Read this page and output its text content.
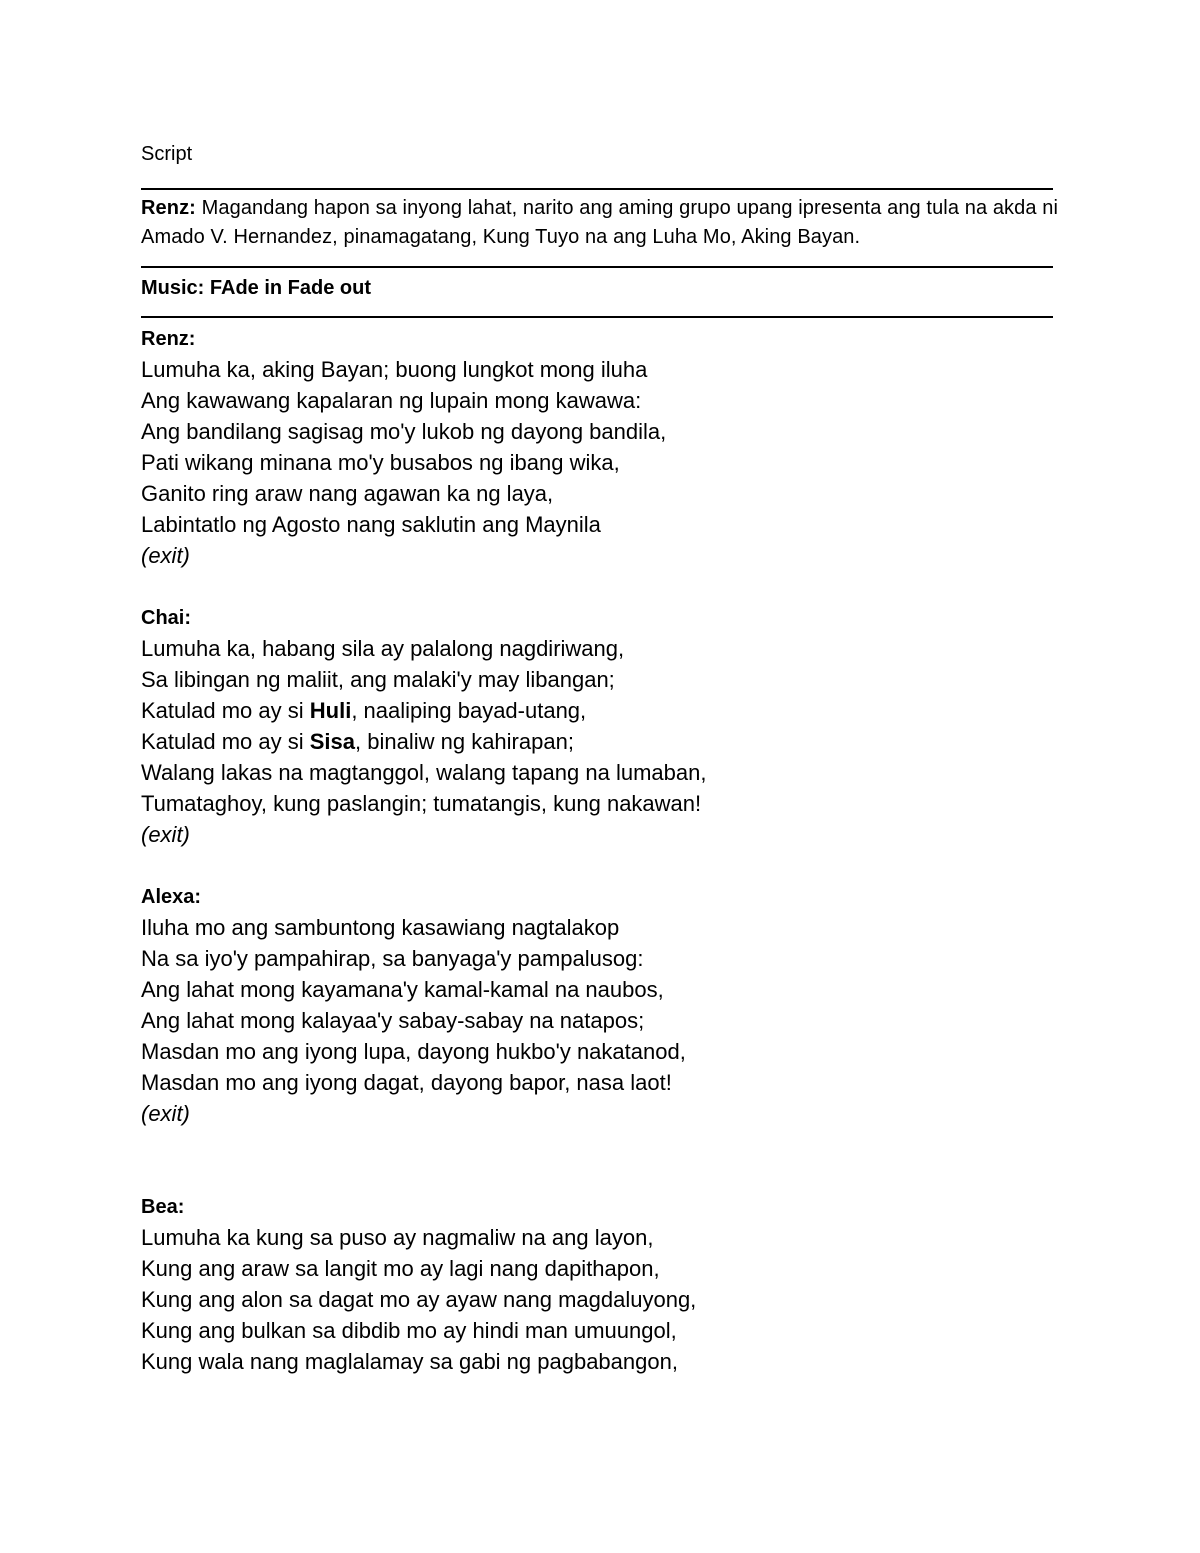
Script
Renz: Magandang hapon sa inyong lahat, narito ang aming grupo upang ipresenta ang tula na akda ni Amado V. Hernandez, pinamagatang, Kung Tuyo na ang Luha Mo, Aking Bayan.
Music: FAde in Fade out
Renz:
Lumuha ka, aking Bayan; buong lungkot mong iluha
Ang kawawang kapalaran ng lupain mong kawawa:
Ang bandilang sagisag mo'y lukob ng dayong bandila,
Pati wikang minana mo'y busabos ng ibang wika,
Ganito ring araw nang agawan ka ng laya,
Labintatlo ng Agosto nang saklutin ang Maynila
(exit)
Chai:
Lumuha ka, habang sila ay palalong nagdiriwang,
Sa libingan ng maliit, ang malaki'y may libangan;
Katulad mo ay si Huli, naaliping bayad-utang,
Katulad mo ay si Sisa, binaliw ng kahirapan;
Walang lakas na magtanggol, walang tapang na lumaban,
Tumataghoy, kung paslangin; tumatangis, kung nakawan!
(exit)
Alexa:
Iluha mo ang sambuntong kasawiang nagtalakop
Na sa iyo'y pampahirap, sa banyaga'y pampalusog:
Ang lahat mong kayamana'y kamal-kamal na naubos,
Ang lahat mong kalayaa'y sabay-sabay na natapos;
Masdan mo ang iyong lupa, dayong hukbo'y nakatanod,
Masdan mo ang iyong dagat, dayong bapor, nasa laot!
(exit)
Bea:
Lumuha ka kung sa puso ay nagmaliw na ang layon,
Kung ang araw sa langit mo ay lagi nang dapithapon,
Kung ang alon sa dagat mo ay ayaw nang magdaluyong,
Kung ang bulkan sa dibdib mo ay hindi man umuungol,
Kung wala nang maglalamay sa gabi ng pagbabangon,
